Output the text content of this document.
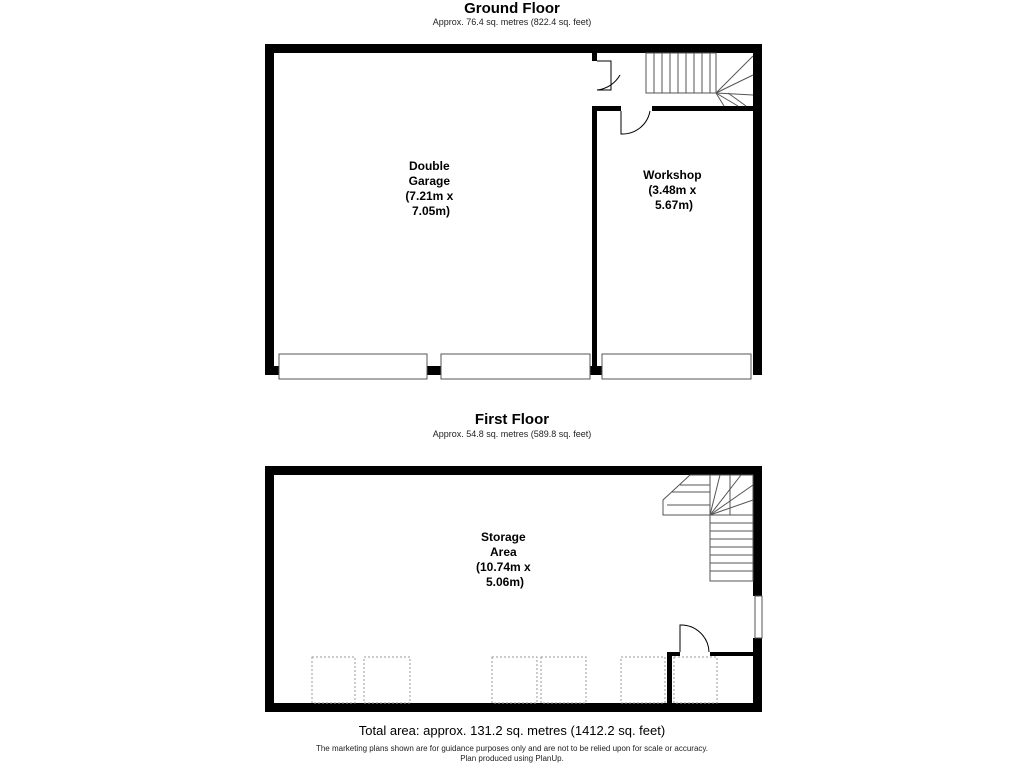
Ground Floor
Approx. 76.4 sq. metres (822.4 sq. feet)
Double Garage (7.21m x 7.05m)
Workshop (3.48m x 5.67m)
Storage Area (10.74m x 5.06m)
First Floor
Approx. 54.8 sq. metres (589.8 sq. feet)
Total area: approx. 131.2 sq. metres (1412.2 sq. feet)
The marketing plans shown are for guidance purposes only and are not to be relied upon for scale or accuracy.
Plan produced using PlanUp.
